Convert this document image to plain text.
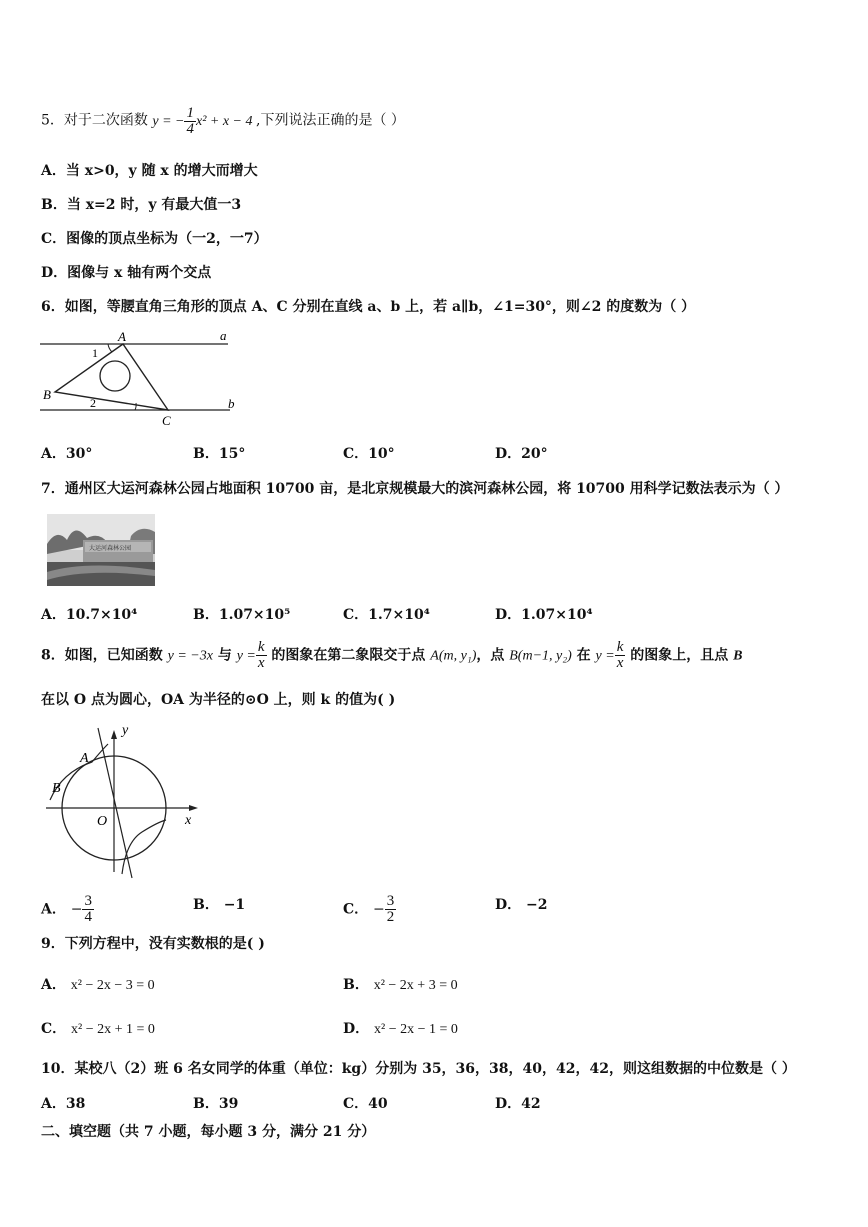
5．对于二次函数 y = − $\frac{1}{4} x^2 + x - 4$ ,下列说法正确的是（ ）
A．当 x>0，y 随 x 的增大而增大
B．当 x=2 时，y 有最大值一3
C．图像的顶点坐标为（一2，一7）
D．图像与 x 轴有两个交点
6．如图，等腰直角三角形的顶点 A、C 分别在直线 a、b 上，若 a∥b，∠1=30°，则∠2 的度数为（ ）
A	a
B
C
b
1
2
A．30°	B．15°	C．10°	D．20°
7．通州区大运河森林公园占地面积 10700 亩，是北京规模最大的滨河森林公园，将 10700 用科学记数法表示为（ ）
大运河森林公园
A．10.7×10⁴	B．1.07×10⁵	C．1.7×10⁴	D．1.07×10⁴
8．如图，已知函数 y = −3x 与 $y = \frac{k}{x}$ 的图象在第二象限交于点 A(m, y₁)，点 B(m−1, y₂) 在 $y = \frac{k}{x}$ 的图象上，且点 B
在以 O 点为圆心，OA 为半径的⊙O 上，则 k 的值为( )
y
x
O
A
B
A． − $\frac{3}{4}$	B． −1	C． − $\frac{3}{2}$	D． −2
9．下列方程中，没有实数根的是( )
A． x² − 2x − 3 = 0	B． x² − 2x + 3 = 0
C． x² − 2x + 1 = 0	D． x² − 2x − 1 = 0
10．某校八（2）班 6 名女同学的体重（单位：kg）分别为 35，36，38，40，42，42，则这组数据的中位数是（ ）
A．38	B．39	C．40	D．42
二、填空题（共 7 小题，每小题 3 分，满分 21 分）
